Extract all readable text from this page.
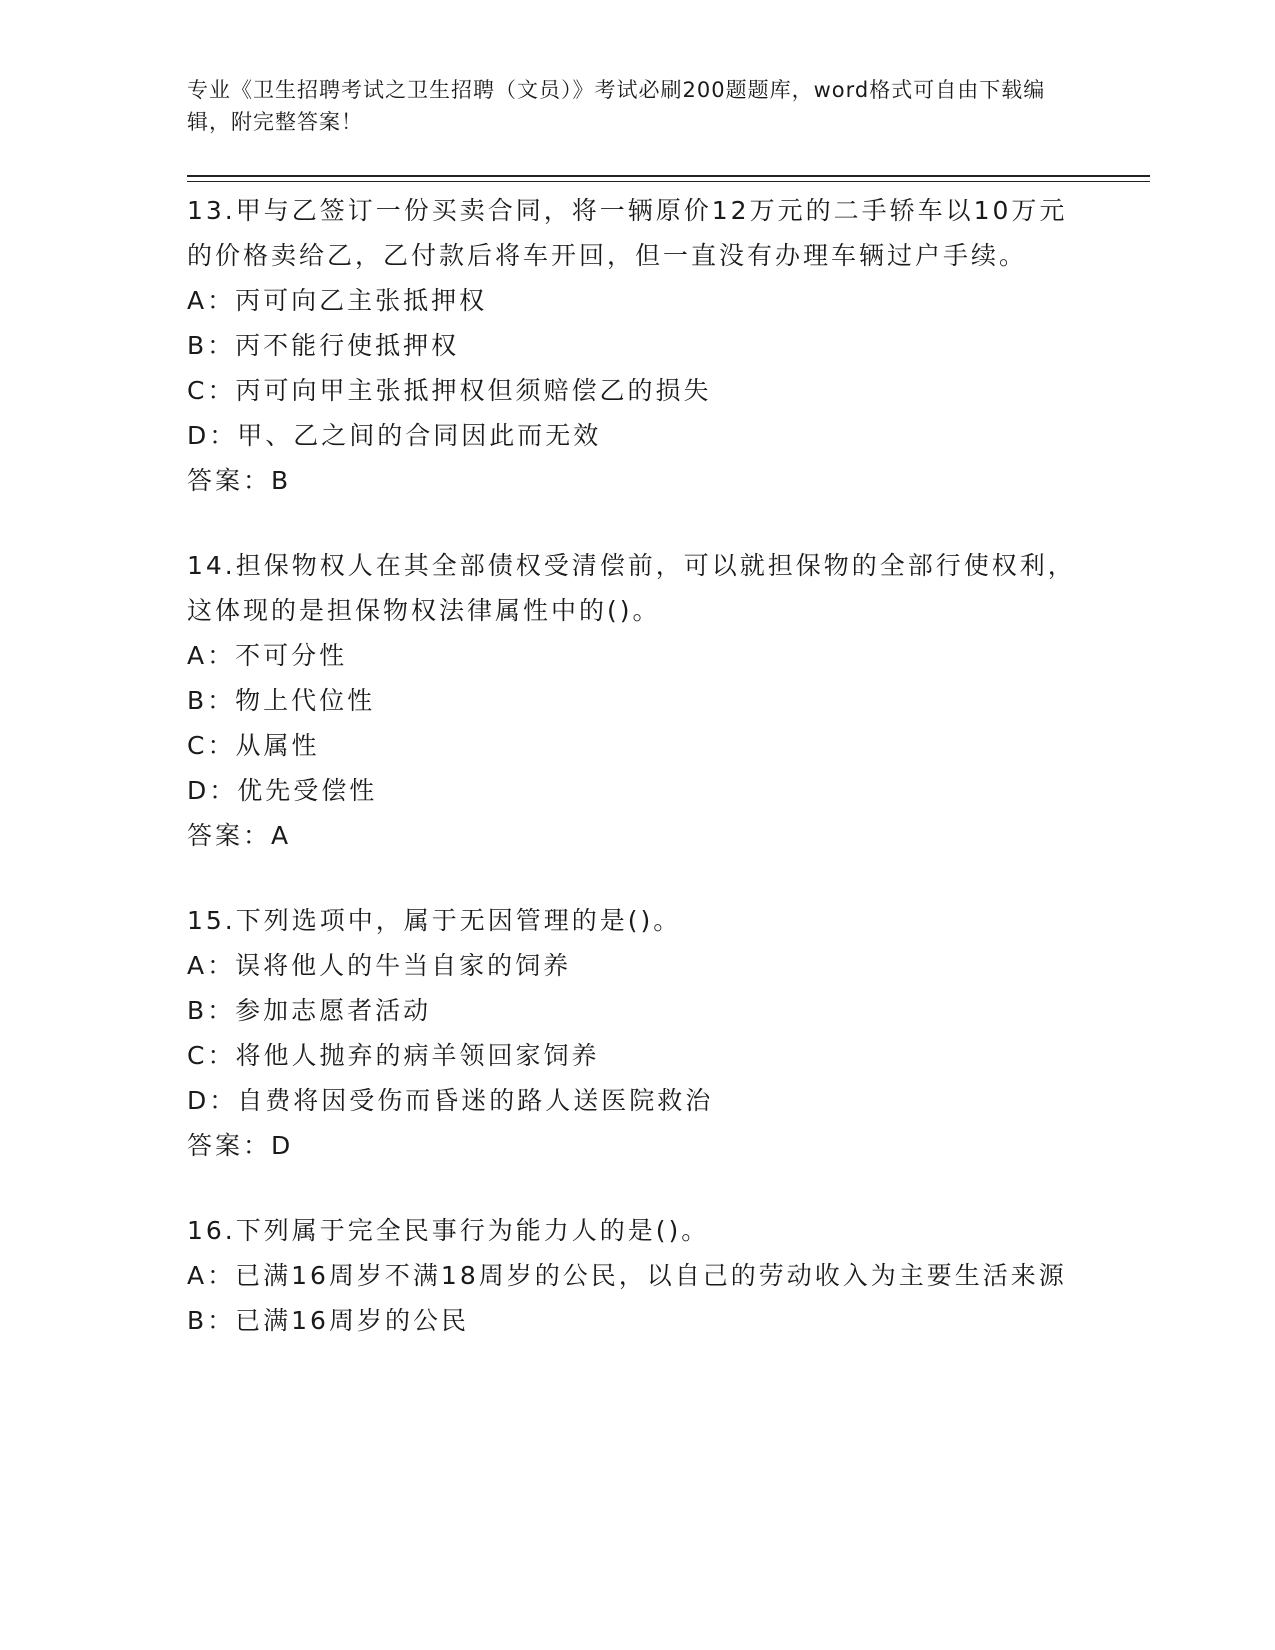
专业《卫生招聘考试之卫生招聘（文员）》考试必刷200题题库，word格式可自由下载编辑，附完整答案！

13.甲与乙签订一份买卖合同，将一辆原价12万元的二手轿车以10万元的价格卖给乙，乙付款后将车开回，但一直没有办理车辆过户手续。

A：丙可向乙主张抵押权

B：丙不能行使抵押权

C：丙可向甲主张抵押权但须赔偿乙的损失

D：甲、乙之间的合同因此而无效

答案：B

14.担保物权人在其全部债权受清偿前，可以就担保物的全部行使权利，这体现的是担保物权法律属性中的()。

A：不可分性

B：物上代位性

C：从属性

D：优先受偿性

答案：A

15.下列选项中，属于无因管理的是()。

A：误将他人的牛当自家的饲养

B：参加志愿者活动

C：将他人抛弃的病羊领回家饲养

D：自费将因受伤而昏迷的路人送医院救治

答案：D

16.下列属于完全民事行为能力人的是()。

A：已满16周岁不满18周岁的公民，以自己的劳动收入为主要生活来源

B：已满16周岁的公民
